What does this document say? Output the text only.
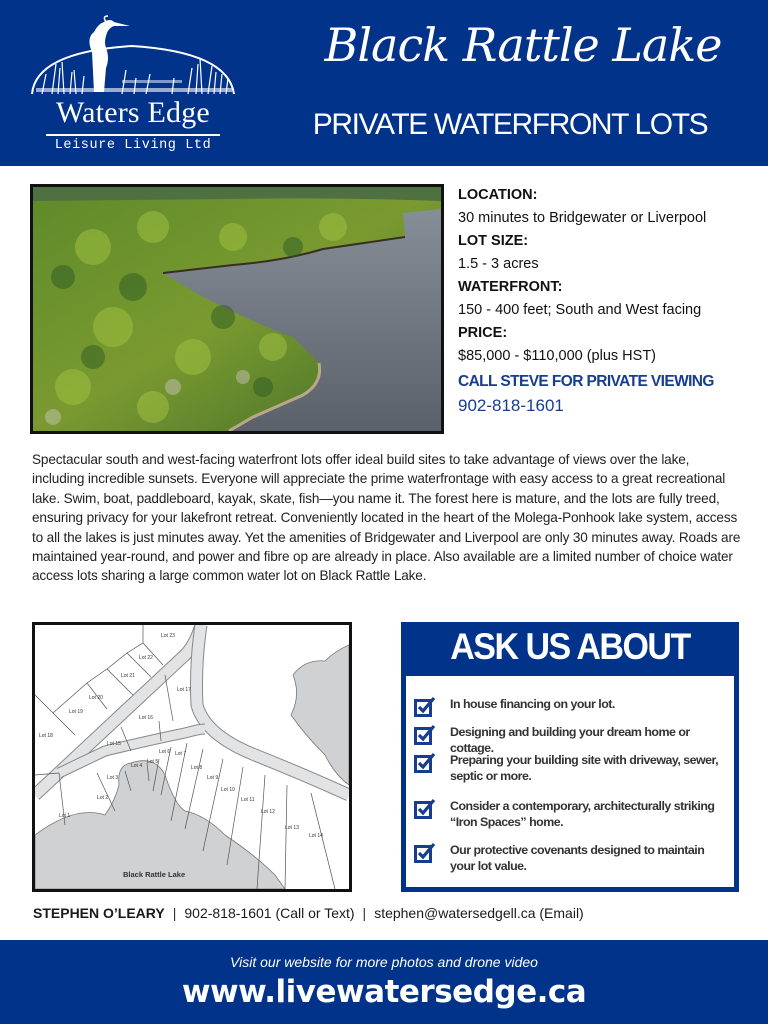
Waters Edge
Leisure Living Ltd
Black Rattle Lake
PRIVATE WATERFRONT LOTS
LOCATION:
30 minutes to Bridgewater or Liverpool
LOT SIZE:
1.5 - 3 acres
WATERFRONT:
150 - 400 feet; South and West facing
PRICE:
$85,000 - $110,000 (plus HST)
CALL STEVE FOR PRIVATE VIEWING
902-818-1601
Spectacular south and west-facing waterfront lots offer ideal build sites to take advantage of views over the lake, including incredible sunsets. Everyone will appreciate the prime waterfrontage with easy access to a great recreational lake. Swim, boat, paddleboard, kayak, skate, fish—you name it. The forest here is mature, and the lots are fully treed, ensuring privacy for your lakefront retreat. Conveniently located in the heart of the Molega-Ponhook lake system, access to all the lakes is just minutes away. Yet the amenities of Bridgewater and Liverpool are only 30 minutes away. Roads are maintained year-round, and power and fibre op are already in place. Also available are a limited number of choice water access lots sharing a large common water lot on Black Rattle Lake.
Lot 1
Lot 2
Lot 3
Lot 4
Lot 5
Lot 6 Lot 7
Lot 8
Lot 9
Lot 10
Lot 11
Lot 12
Lot 13
Lot 14
Lot 15
Lot 16
Lot 17
Lot 18
Lot 19
Lot 20
Lot 21
Lot 22
Lot 23
Black Rattle Lake
ASK US ABOUT
In house financing on your lot.
Designing and building your dream home or cottage.
Preparing your building site with driveway, sewer, septic or more.
Consider a contemporary, architecturally striking “Iron Spaces” home.
Our protective covenants designed to maintain your lot value.
STEPHEN O’LEARY | 902-818-1601 (Call or Text) | stephen@watersedgell.ca (Email)
Visit our website for more photos and drone video
www.livewatersedge.ca
